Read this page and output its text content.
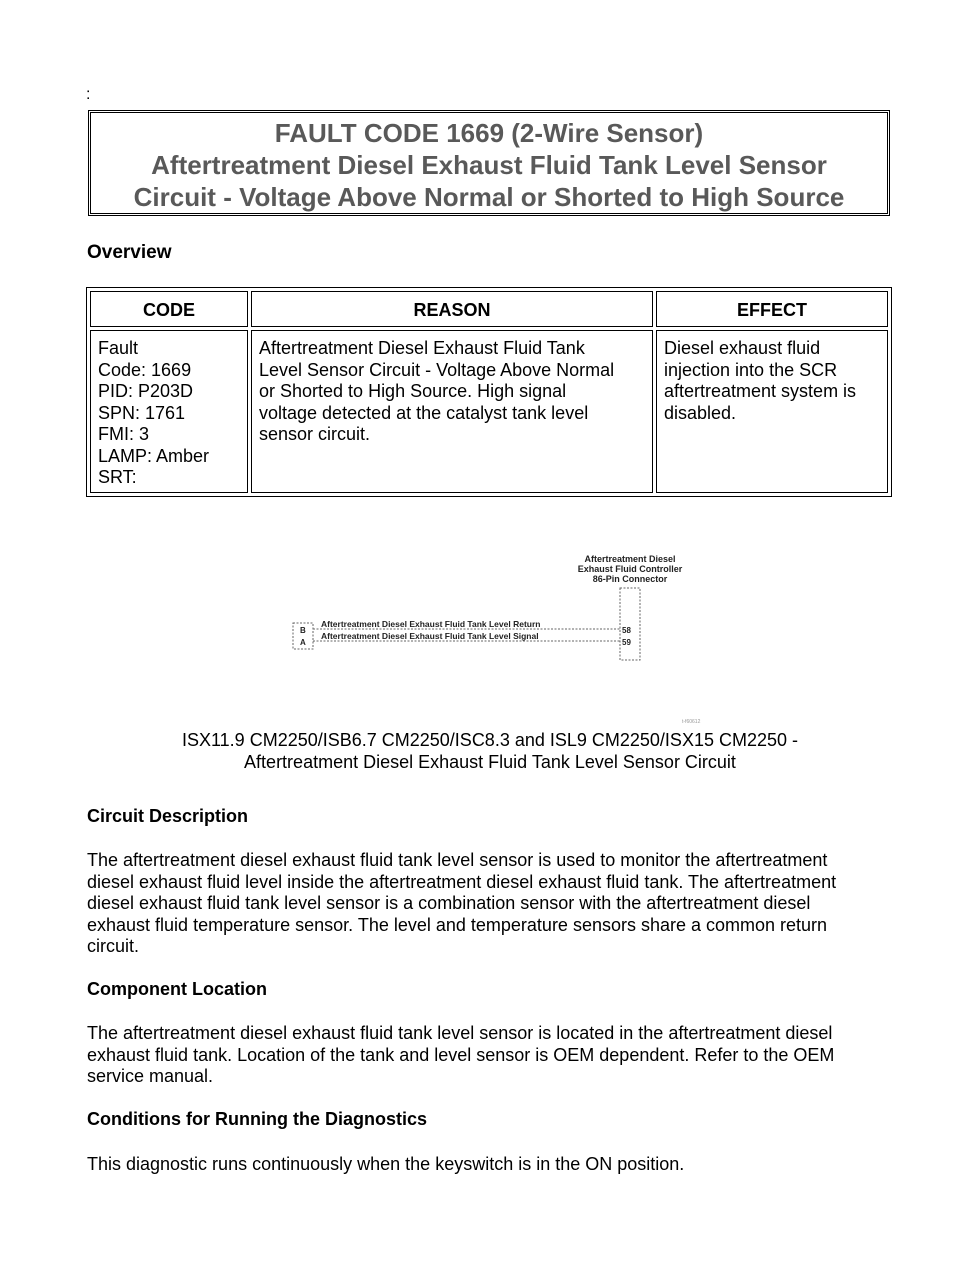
:
FAULT CODE 1669 (2-Wire Sensor)
Aftertreatment Diesel Exhaust Fluid Tank Level Sensor
Circuit - Voltage Above Normal or Shorted to High Source
Overview
CODE	REASON	EFFECT
Fault
Code: 1669
PID: P203D
SPN: 1761
FMI: 3
LAMP: Amber
SRT:
Aftertreatment Diesel Exhaust Fluid Tank
Level Sensor Circuit - Voltage Above Normal
or Shorted to High Source. High signal
voltage detected at the catalyst tank level
sensor circuit.
Diesel exhaust fluid
injection into the SCR
aftertreatment system is
disabled.
Aftertreatment Diesel
Exhaust Fluid Controller
86-Pin Connector
B
A
Aftertreatment Diesel Exhaust Fluid Tank Level Return
Aftertreatment Diesel Exhaust Fluid Tank Level Signal
58
59
t-f60612
ISX11.9 CM2250/ISB6.7 CM2250/ISC8.3 and ISL9 CM2250/ISX15 CM2250 -
Aftertreatment Diesel Exhaust Fluid Tank Level Sensor Circuit
Circuit Description
The aftertreatment diesel exhaust fluid tank level sensor is used to monitor the aftertreatment
diesel exhaust fluid level inside the aftertreatment diesel exhaust fluid tank. The aftertreatment
diesel exhaust fluid tank level sensor is a combination sensor with the aftertreatment diesel
exhaust fluid temperature sensor. The level and temperature sensors share a common return
circuit.
Component Location
The aftertreatment diesel exhaust fluid tank level sensor is located in the aftertreatment diesel
exhaust fluid tank. Location of the tank and level sensor is OEM dependent. Refer to the OEM
service manual.
Conditions for Running the Diagnostics
This diagnostic runs continuously when the keyswitch is in the ON position.
